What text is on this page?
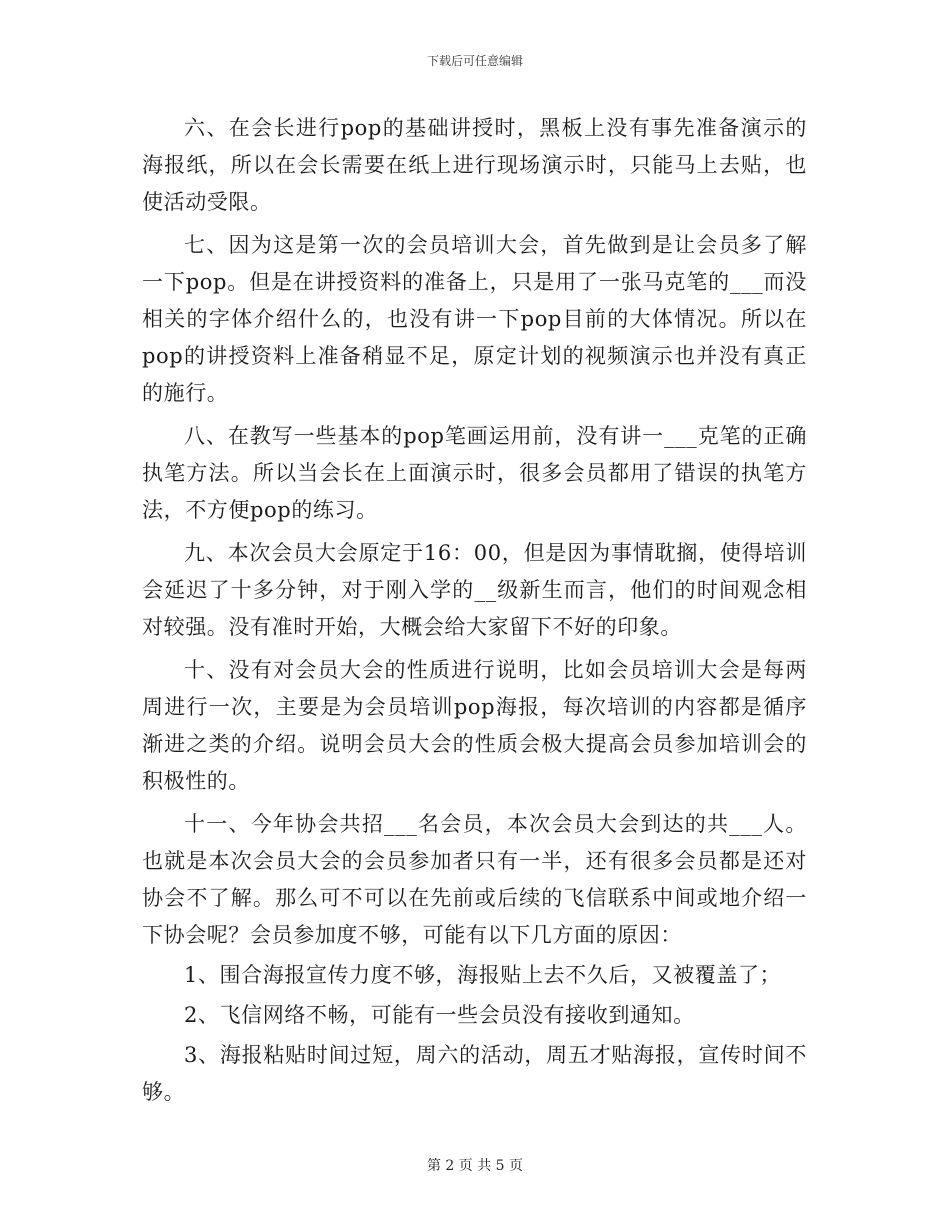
下载后可任意编辑

六、在会长进行pop的基础讲授时，黑板上没有事先准备演示的海报纸，所以在会长需要在纸上进行现场演示时，只能马上去贴，也使活动受限。

七、因为这是第一次的会员培训大会，首先做到是让会员多了解一下pop。但是在讲授资料的准备上，只是用了一张马克笔的___而没相关的字体介绍什么的，也没有讲一下pop目前的大体情况。所以在pop的讲授资料上准备稍显不足，原定计划的视频演示也并没有真正的施行。

八、在教写一些基本的pop笔画运用前，没有讲一___克笔的正确执笔方法。所以当会长在上面演示时，很多会员都用了错误的执笔方法，不方便pop的练习。

九、本次会员大会原定于16：00，但是因为事情耽搁，使得培训会延迟了十多分钟，对于刚入学的__级新生而言，他们的时间观念相对较强。没有准时开始，大概会给大家留下不好的印象。

十、没有对会员大会的性质进行说明，比如会员培训大会是每两周进行一次，主要是为会员培训pop海报，每次培训的内容都是循序渐进之类的介绍。说明会员大会的性质会极大提高会员参加培训会的积极性的。

十一、今年协会共招___名会员，本次会员大会到达的共___人。也就是本次会员大会的会员参加者只有一半，还有很多会员都是还对协会不了解。那么可不可以在先前或后续的飞信联系中间或地介绍一下协会呢？会员参加度不够，可能有以下几方面的原因：

1、围合海报宣传力度不够，海报贴上去不久后，又被覆盖了；

2、飞信网络不畅，可能有一些会员没有接收到通知。

3、海报粘贴时间过短，周六的活动，周五才贴海报，宣传时间不够。

第 2 页 共 5 页
